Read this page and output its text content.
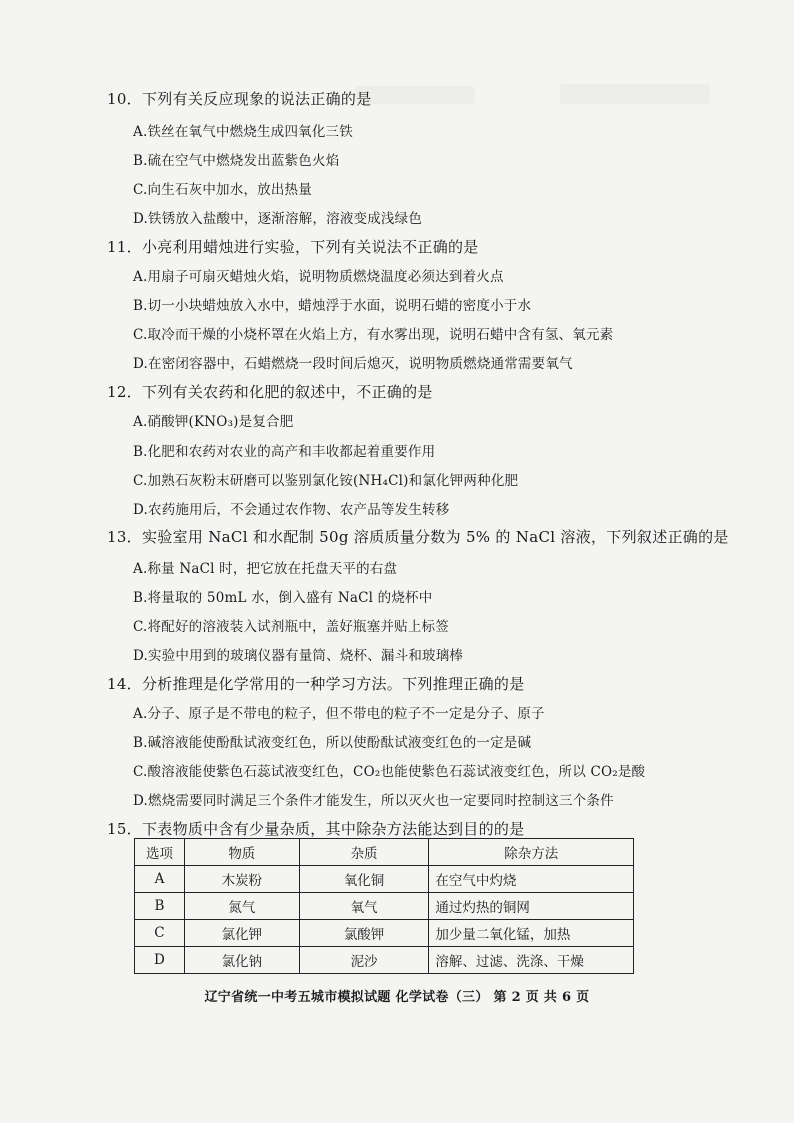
10．下列有关反应现象的说法正确的是
A.铁丝在氧气中燃烧生成四氧化三铁
B.硫在空气中燃烧发出蓝紫色火焰
C.向生石灰中加水，放出热量
D.铁锈放入盐酸中，逐渐溶解，溶液变成浅绿色
11．小亮利用蜡烛进行实验，下列有关说法不正确的是
A.用扇子可扇灭蜡烛火焰，说明物质燃烧温度必须达到着火点
B.切一小块蜡烛放入水中，蜡烛浮于水面，说明石蜡的密度小于水
C.取冷而干燥的小烧杯罩在火焰上方，有水雾出现，说明石蜡中含有氢、氧元素
D.在密闭容器中，石蜡燃烧一段时间后熄灭，说明物质燃烧通常需要氧气
12．下列有关农药和化肥的叙述中，不正确的是
A.硝酸钾(KNO₃)是复合肥
B.化肥和农药对农业的高产和丰收都起着重要作用
C.加熟石灰粉末研磨可以鉴别氯化铵(NH₄Cl)和氯化钾两种化肥
D.农药施用后，不会通过农作物、农产品等发生转移
13．实验室用 NaCl 和水配制 50g 溶质质量分数为 5% 的 NaCl 溶液，下列叙述正确的是
A.称量 NaCl 时，把它放在托盘天平的右盘
B.将量取的 50mL 水，倒入盛有 NaCl 的烧杯中
C.将配好的溶液装入试剂瓶中，盖好瓶塞并贴上标签
D.实验中用到的玻璃仪器有量筒、烧杯、漏斗和玻璃棒
14．分析推理是化学常用的一种学习方法。下列推理正确的是
A.分子、原子是不带电的粒子，但不带电的粒子不一定是分子、原子
B.碱溶液能使酚酞试液变红色，所以使酚酞试液变红色的一定是碱
C.酸溶液能使紫色石蕊试液变红色，CO₂也能使紫色石蕊试液变红色，所以 CO₂是酸
D.燃烧需要同时满足三个条件才能发生，所以灭火也一定要同时控制这三个条件
15．下表物质中含有少量杂质，其中除杂方法能达到目的的是
选项	物质	杂质	除杂方法
A	木炭粉	氧化铜	在空气中灼烧
B	氮气	氧气	通过灼热的铜网
C	氯化钾	氯酸钾	加少量二氧化锰，加热
D	氯化钠	泥沙	溶解、过滤、洗涤、干燥
辽宁省统一中考五城市模拟试题 化学试卷（三） 第 2 页 共 6 页
